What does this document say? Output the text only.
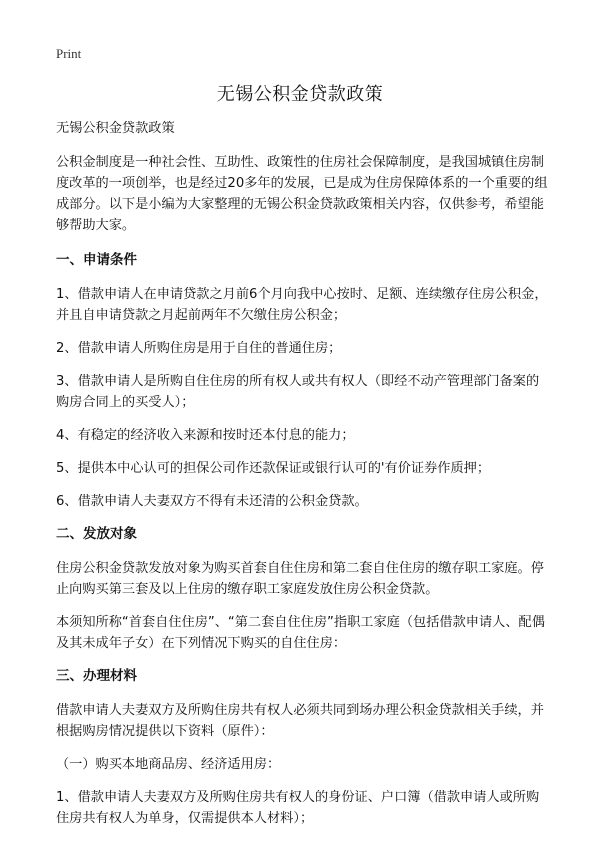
Print
无锡公积金贷款政策

无锡公积金贷款政策

公积金制度是一种社会性、互助性、政策性的住房社会保障制度，是我国城镇住房制度改革的一项创举，也是经过20多年的发展，已是成为住房保障体系的一个重要的组成部分。以下是小编为大家整理的无锡公积金贷款政策相关内容，仅供参考，希望能够帮助大家。

一、申请条件

1、借款申请人在申请贷款之月前6个月向我中心按时、足额、连续缴存住房公积金，并且自申请贷款之月起前两年不欠缴住房公积金；

2、借款申请人所购住房是用于自住的普通住房；

3、借款申请人是所购自住住房的所有权人或共有权人（即经不动产管理部门备案的购房合同上的买受人）；

4、有稳定的经济收入来源和按时还本付息的能力；

5、提供本中心认可的担保公司作还款保证或银行认可的'有价证券作质押；

6、借款申请人夫妻双方不得有未还清的公积金贷款。

二、发放对象

住房公积金贷款发放对象为购买首套自住住房和第二套自住住房的缴存职工家庭。停止向购买第三套及以上住房的缴存职工家庭发放住房公积金贷款。

本须知所称“首套自住住房”、“第二套自住住房”指职工家庭（包括借款申请人、配偶及其未成年子女）在下列情况下购买的自住住房：

三、办理材料

借款申请人夫妻双方及所购住房共有权人必须共同到场办理公积金贷款相关手续，并根据购房情况提供以下资料（原件）：

（一）购买本地商品房、经济适用房：

1、借款申请人夫妻双方及所购住房共有权人的身份证、户口簿（借款申请人或所购住房共有权人为单身，仅需提供本人材料）；
